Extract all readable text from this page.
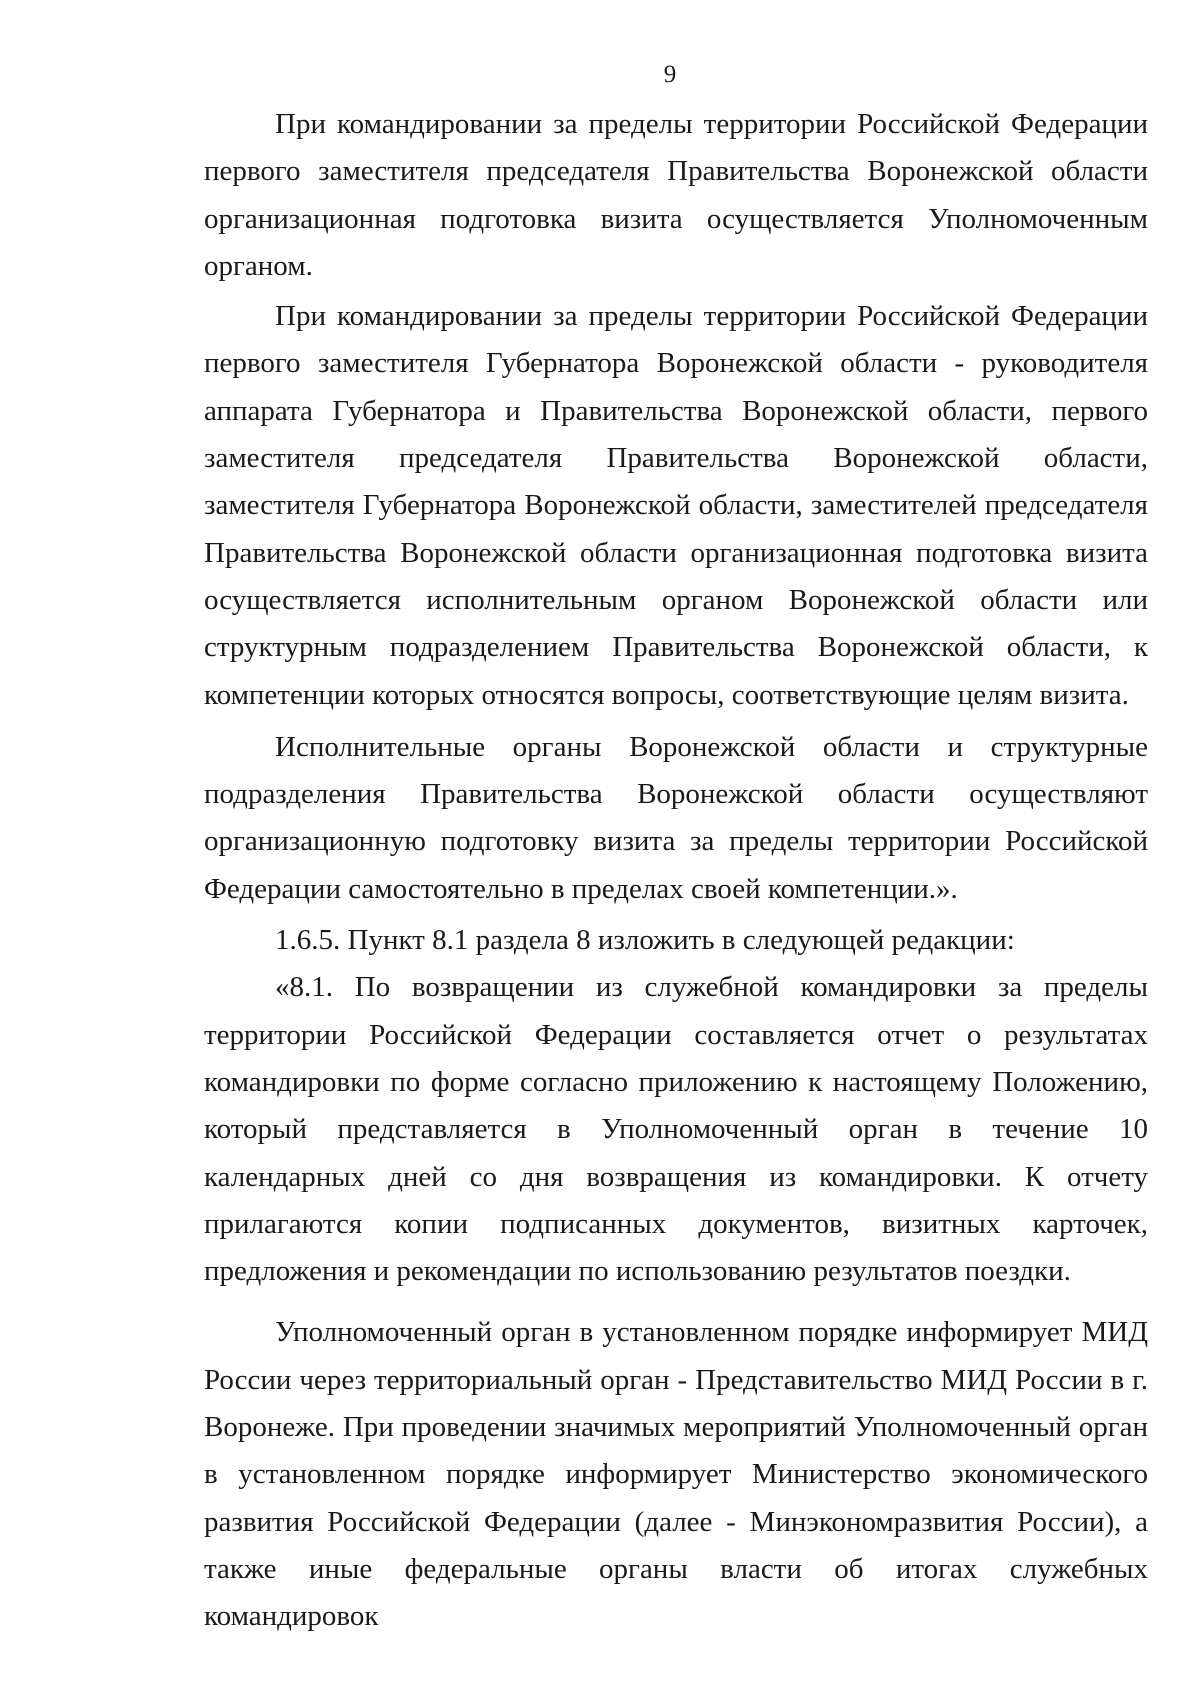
9

При командировании за пределы территории Российской Федерации первого заместителя председателя Правительства Воронежской области организационная подготовка визита осуществляется Уполномоченным органом.

При командировании за пределы территории Российской Федерации первого заместителя Губернатора Воронежской области - руководителя аппарата Губернатора и Правительства Воронежской области, первого заместителя председателя Правительства Воронежской области, заместителя Губернатора Воронежской области, заместителей председателя Правительства Воронежской области организационная подготовка визита осуществляется исполнительным органом Воронежской области или структурным подразделением Правительства Воронежской области, к компетенции которых относятся вопросы, соответствующие целям визита.

Исполнительные органы Воронежской области и структурные подразделения Правительства Воронежской области осуществляют организационную подготовку визита за пределы территории Российской Федерации самостоятельно в пределах своей компетенции.».

1.6.5. Пункт 8.1 раздела 8 изложить в следующей редакции:

«8.1. По возвращении из служебной командировки за пределы территории Российской Федерации составляется отчет о результатах командировки по форме согласно приложению к настоящему Положению, который представляется в Уполномоченный орган в течение 10 календарных дней со дня возвращения из командировки. К отчету прилагаются копии подписанных документов, визитных карточек, предложения и рекомендации по использованию результатов поездки.

Уполномоченный орган в установленном порядке информирует МИД России через территориальный орган - Представительство МИД России в г. Воронеже. При проведении значимых мероприятий Уполномоченный орган в установленном порядке информирует Министерство экономического развития Российской Федерации (далее - Минэкономразвития России), а также иные федеральные органы власти об итогах служебных командировок
